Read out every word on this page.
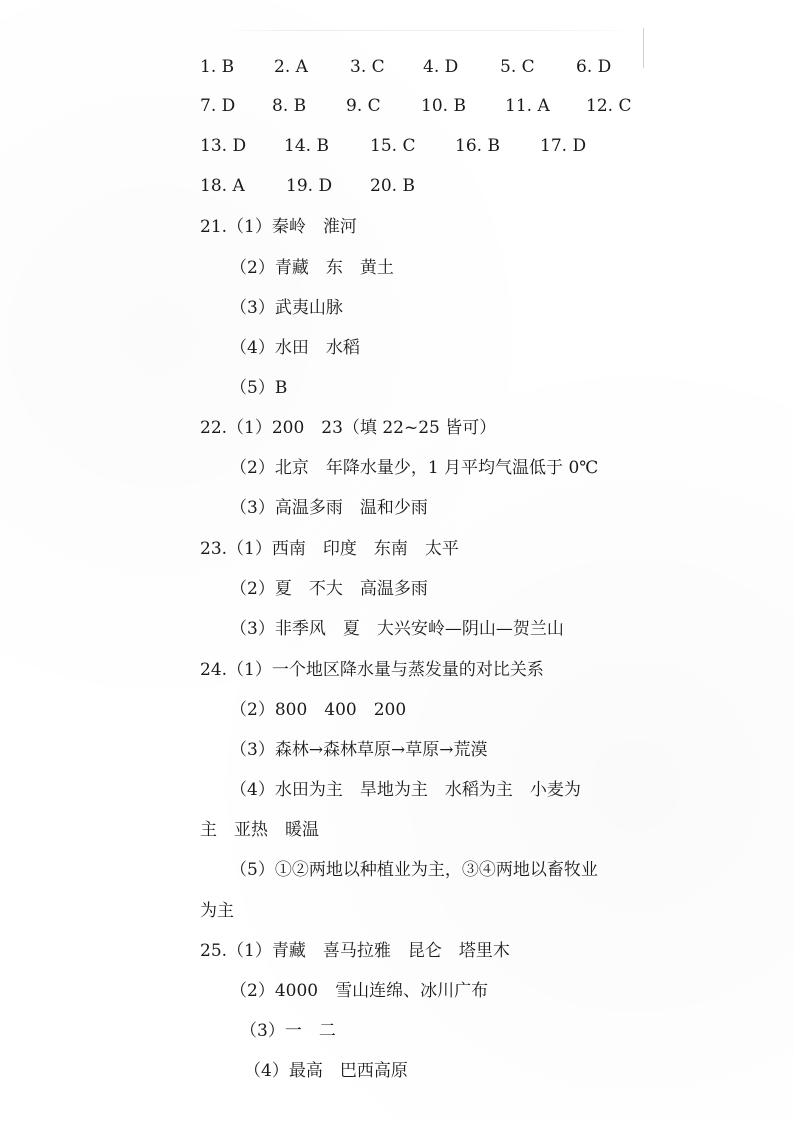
1. B 2. A 3. C 4. D 5. C 6. D
7. D 8. B 9. C 10. B 11. A 12. C
13. D 14. B 15. C 16. B 17. D
18. A 19. D 20. B
21.（1）秦岭　淮河
（2）青藏　东　黄土
（3）武夷山脉
（4）水田　水稻
（5）B
22.（1）200　23（填 22~25 皆可）
（2）北京　年降水量少，1 月平均气温低于 0℃
（3）高温多雨　温和少雨
23.（1）西南　印度　东南　太平
（2）夏　不大　高温多雨
（3）非季风　夏　大兴安岭—阴山—贺兰山
24.（1）一个地区降水量与蒸发量的对比关系
（2）800　400　200
（3）森林→森林草原→草原→荒漠
（4）水田为主　旱地为主　水稻为主　小麦为
主　亚热　暖温
（5）①②两地以种植业为主，③④两地以畜牧业
为主
25.（1）青藏　喜马拉雅　昆仑　塔里木
（2）4000　雪山连绵、冰川广布
（3）一　二
（4）最高　巴西高原
